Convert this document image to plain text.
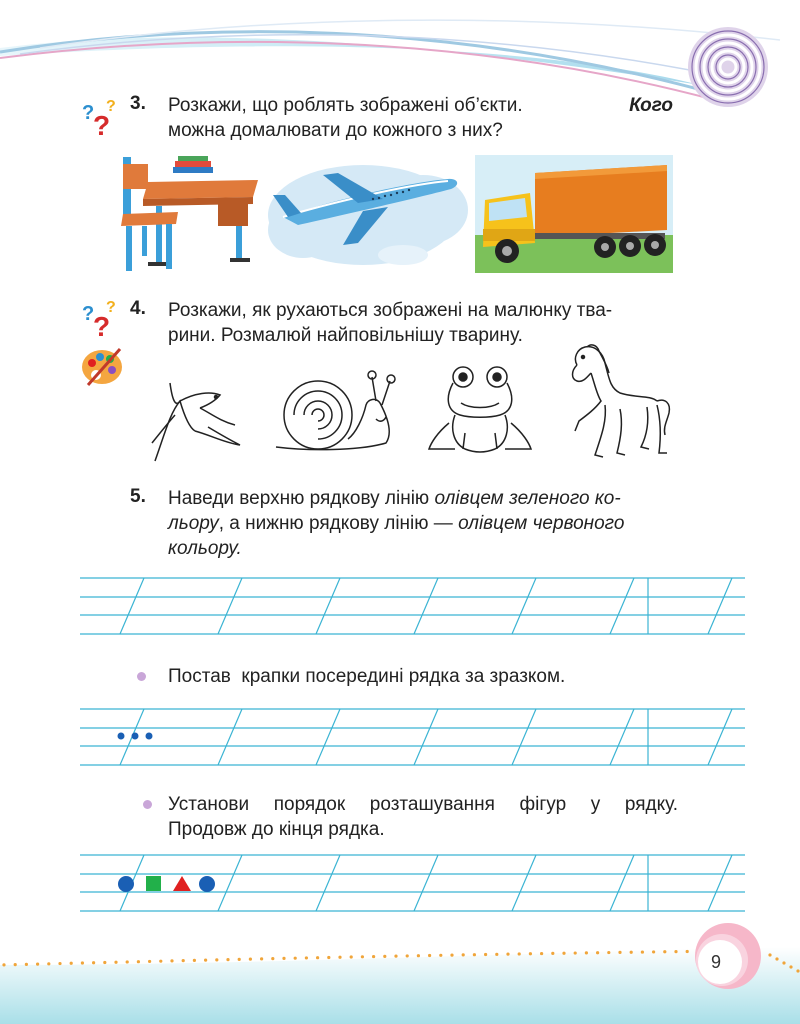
? ?
?
3. Розкажи, що роблять зображені об’єкти.	Кого
можна домалювати до кожного з них?
? ?
?
4. Розкажи, як рухаються зображені на малюнку тва-
рини. Розмалюй найповільнішу тварину.
5. Наведи верхню рядкову лінію олівцем зеленого ко-
льору, а нижню рядкову лінію — олівцем червоного
кольору.
Постав  крапки посередині рядка за зразком.
Установи порядок розташування фігур у рядку.
Продовж до кінця рядка.
9
